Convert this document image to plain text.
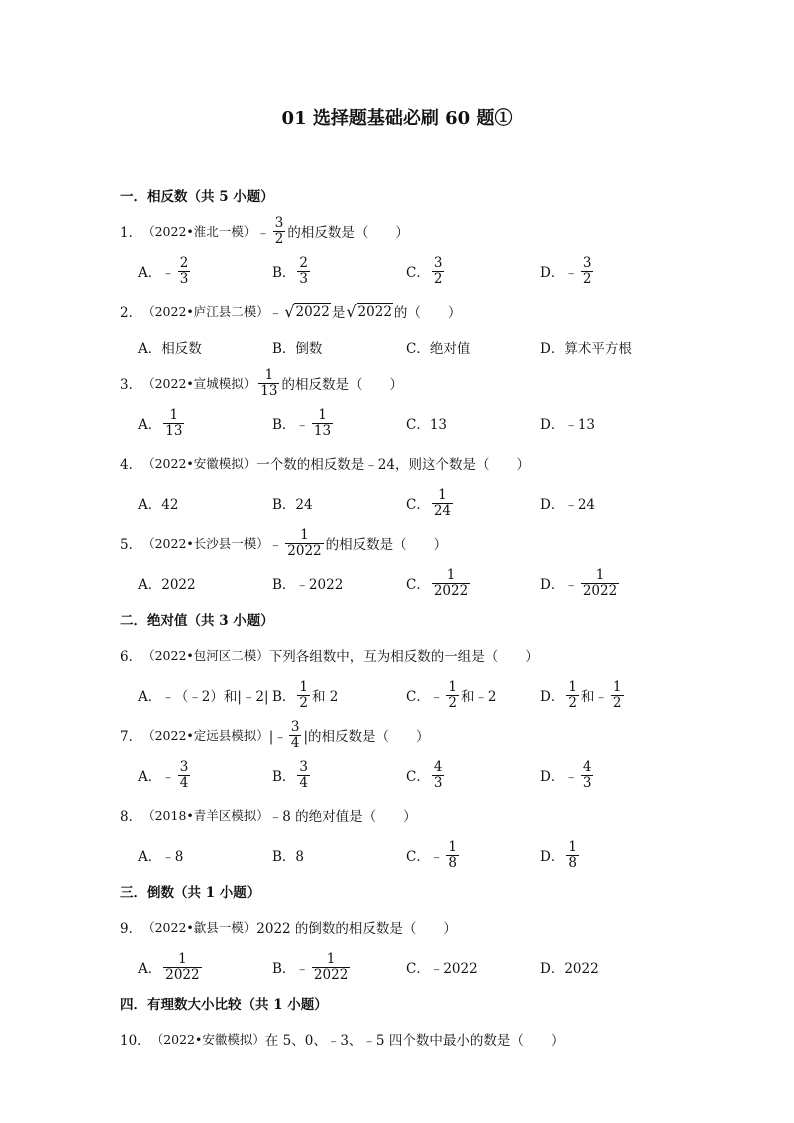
01 选择题基础必刷 60 题①
一．相反数（共 5 小题）
1． （2022•淮北一模） ﹣ $\frac{3}{2}$ 的相反数是（　　）
A． ﹣ $\frac{2}{3}$	B． $\frac{2}{3}$	C． $\frac{3}{2}$	D． ﹣ $\frac{3}{2}$
2． （2022•庐江县二模） ﹣ √ 2022 是 √ 2022 的（　　）
A．相反数	B．倒数	C．绝对值	D．算术平方根
3． （2022•宣城模拟） $\frac{1}{13}$ 的相反数是（　　）
A． $\frac{1}{13}$	B． ﹣ $\frac{1}{13}$	C．13	D．﹣13
4． （2022•安徽模拟） 一个数的相反数是﹣24，则这个数是（　　）
A．42	B．24	C． $\frac{1}{24}$	D．﹣24
5． （2022•长沙县一模） ﹣ $\frac{1}{2022}$ 的相反数是（　　）
A．2022	B．﹣2022	C． $\frac{1}{2022}$	D． ﹣ $\frac{1}{2022}$
二．绝对值（共 3 小题）
6． （2022•包河区二模） 下列各组数中，互为相反数的一组是（　　）
A．﹣（﹣2）和|﹣2| B． $\frac{1}{2}$ 和 2	C． ﹣ $\frac{1}{2}$ 和﹣2	D． $\frac{1}{2}$ 和 ﹣ $\frac{1}{2}$
7． （2022•定远县模拟） |﹣ $\frac{3}{4}$ |的相反数是（　　）
A． ﹣ $\frac{3}{4}$	B． $\frac{3}{4}$	C． $\frac{4}{3}$	D． ﹣ $\frac{4}{3}$
8． （2018•青羊区模拟） ﹣8 的绝对值是（　　）
A．﹣8	B．8	C． ﹣ $\frac{1}{8}$	D． $\frac{1}{8}$
三．倒数（共 1 小题）
9． （2022•歙县一模） 2022 的倒数的相反数是（　　）
A． $\frac{1}{2022}$	B． ﹣ $\frac{1}{2022}$	C．﹣2022	D．2022
四．有理数大小比较（共 1 小题）
10． （2022•安徽模拟） 在 5、0、﹣3、﹣5 四个数中最小的数是（　　）
